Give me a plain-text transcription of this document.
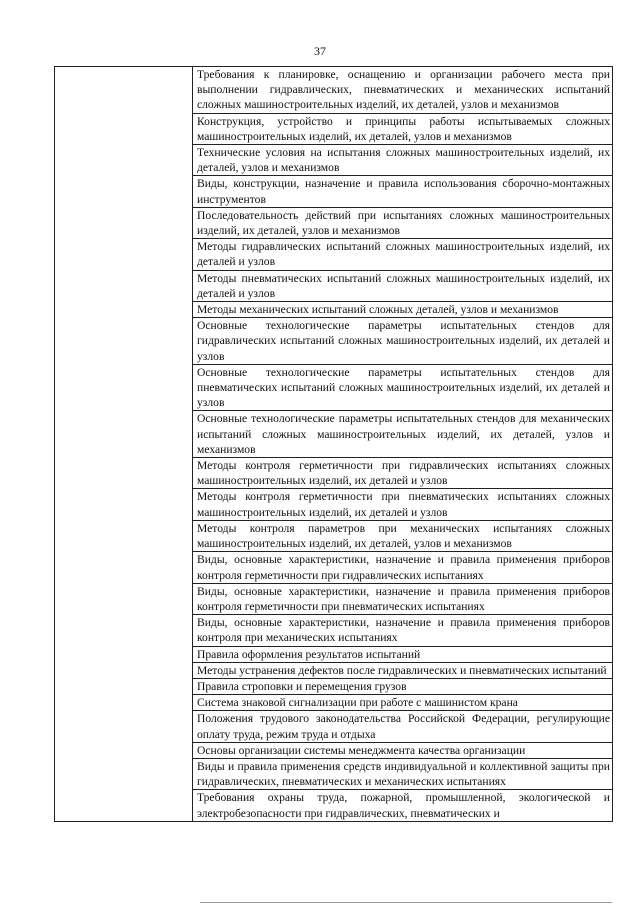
37
	Требования к планировке, оснащению и организации рабочего места при выполнении гидравлических, пневматических и механических испытаний сложных машиностроительных изделий, их деталей, узлов и механизмов
Конструкция, устройство и принципы работы испытываемых сложных машиностроительных изделий, их деталей, узлов и механизмов
Технические условия на испытания сложных машиностроительных изделий, их деталей, узлов и механизмов
Виды, конструкции, назначение и правила использования сборочно-монтажных инструментов
Последовательность действий при испытаниях сложных машиностроительных изделий, их деталей, узлов и механизмов
Методы гидравлических испытаний сложных машиностроительных изделий, их деталей и узлов
Методы пневматических испытаний сложных машиностроительных изделий, их деталей и узлов
Методы механических испытаний сложных деталей, узлов и механизмов
Основные технологические параметры испытательных стендов для гидравлических испытаний сложных машиностроительных изделий, их деталей и узлов
Основные технологические параметры испытательных стендов для пневматических испытаний сложных машиностроительных изделий, их деталей и узлов
Основные технологические параметры испытательных стендов для механических испытаний сложных машиностроительных изделий, их деталей, узлов и механизмов
Методы контроля герметичности при гидравлических испытаниях сложных машиностроительных изделий, их деталей и узлов
Методы контроля герметичности при пневматических испытаниях сложных машиностроительных изделий, их деталей и узлов
Методы контроля параметров при механических испытаниях сложных машиностроительных изделий, их деталей, узлов и механизмов
Виды, основные характеристики, назначение и правила применения приборов контроля герметичности при гидравлических испытаниях
Виды, основные характеристики, назначение и правила применения приборов контроля герметичности при пневматических испытаниях
Виды, основные характеристики, назначение и правила применения приборов контроля при механических испытаниях
Правила оформления результатов испытаний
Методы устранения дефектов после гидравлических и пневматических испытаний
Правила строповки и перемещения грузов
Система знаковой сигнализации при работе с машинистом крана
Положения трудового законодательства Российской Федерации, регулирующие оплату труда, режим труда и отдыха
Основы организации системы менеджмента качества организации
Виды и правила применения средств индивидуальной и коллективной защиты при гидравлических, пневматических и механических испытаниях
Требования охраны труда, пожарной, промышленной, экологической и электробезопасности при гидравлических, пневматических и
